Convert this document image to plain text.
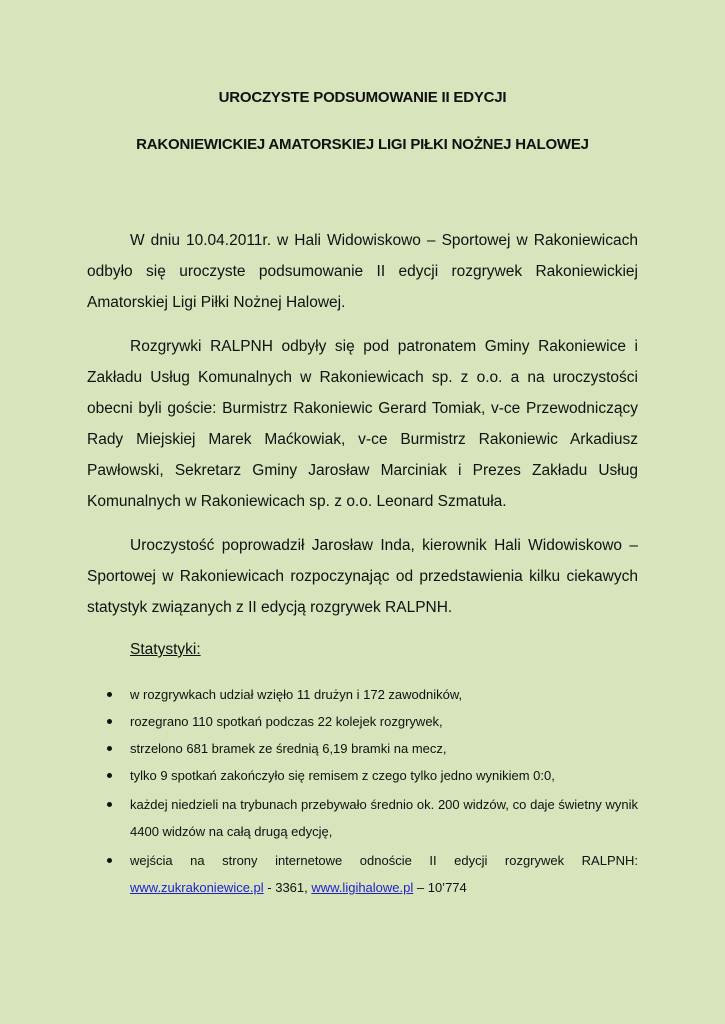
UROCZYSTE PODSUMOWANIE II EDYCJI
RAKONIEWICKIEJ AMATORSKIEJ LIGI PIŁKI NOŻNEJ HALOWEJ

W dniu 10.04.2011r. w Hali Widowiskowo – Sportowej w Rakoniewicach odbyło się uroczyste podsumowanie II edycji rozgrywek Rakoniewickiej Amatorskiej Ligi Piłki Nożnej Halowej.

Rozgrywki RALPNH odbyły się pod patronatem Gminy Rakoniewice i Zakładu Usług Komunalnych w Rakoniewicach sp. z o.o. a na uroczystości obecni byli goście: Burmistrz Rakoniewic Gerard Tomiak, v-ce Przewodniczący Rady Miejskiej Marek Maćkowiak, v-ce Burmistrz Rakoniewic Arkadiusz Pawłowski, Sekretarz Gminy Jarosław Marciniak i Prezes Zakładu Usług Komunalnych w Rakoniewicach sp. z o.o. Leonard Szmatuła.

Uroczystość poprowadził Jarosław Inda, kierownik Hali Widowiskowo – Sportowej w Rakoniewicach rozpoczynając od przedstawienia kilku ciekawych statystyk związanych z II edycją rozgrywek RALPNH.

Statystyki:
w rozgrywkach udział wzięło 11 drużyn i 172 zawodników,
rozegrano 110 spotkań podczas 22 kolejek rozgrywek,
strzelono 681 bramek ze średnią 6,19 bramki na mecz,
tylko 9 spotkań zakończyło się remisem z czego tylko jedno wynikiem 0:0,
każdej niedzieli na trybunach przebywało średnio ok. 200 widzów, co daje świetny wynik 4400 widzów na całą drugą edycję,
wejścia na strony internetowe odnoście II edycji rozgrywek RALPNH: www.zukrakoniewice.pl - 3361, www.ligihalowe.pl – 10’774
